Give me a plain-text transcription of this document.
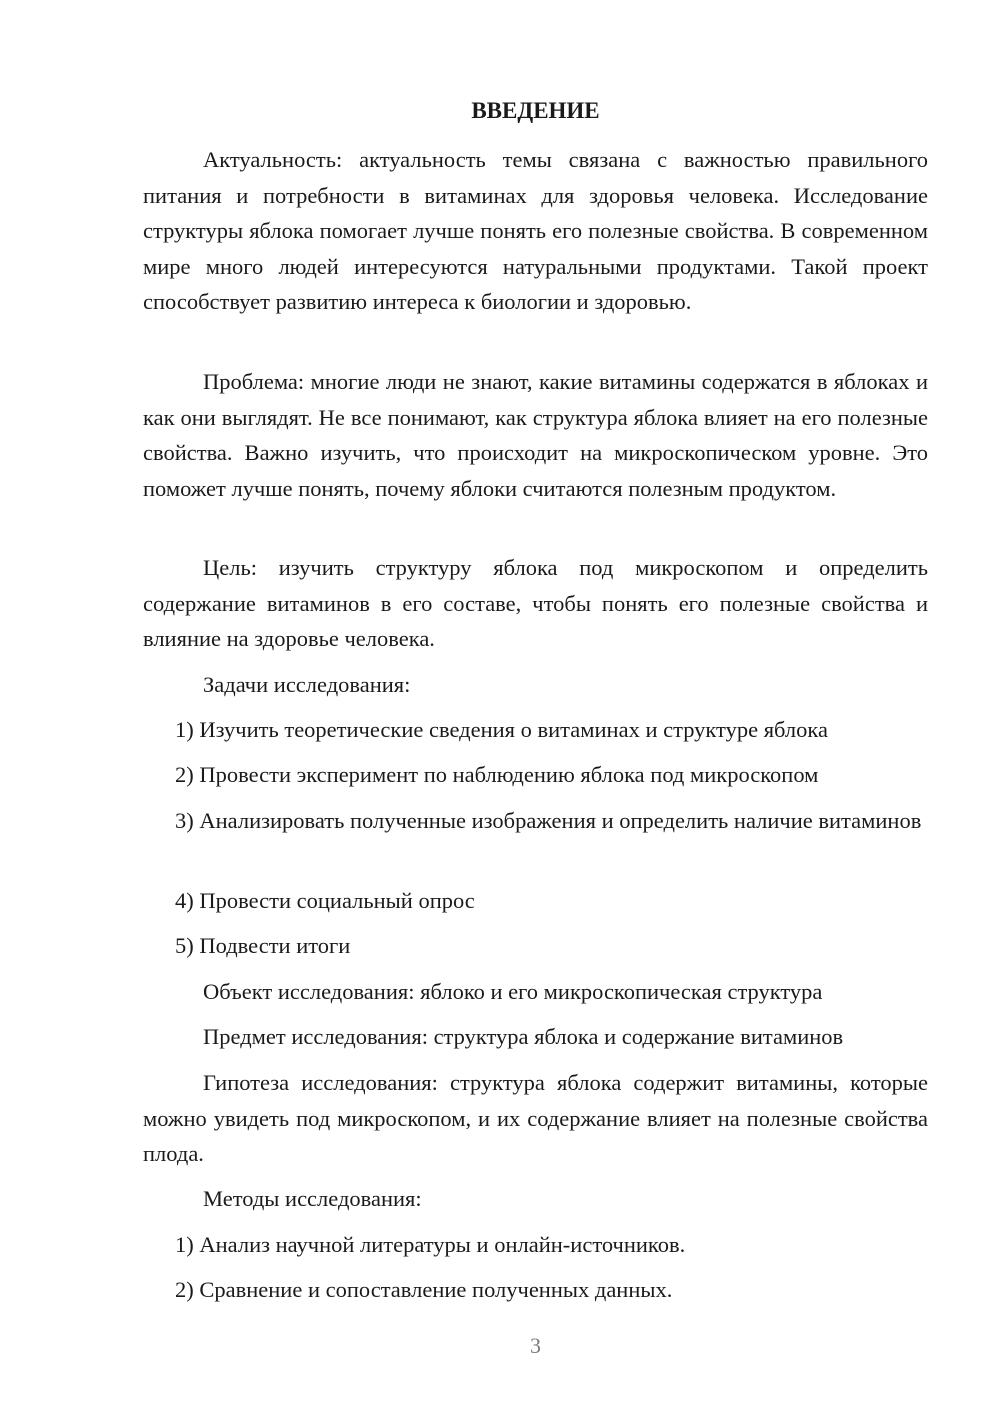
ВВЕДЕНИЕ

Актуальность: актуальность темы связана с важностью правильного питания и потребности в витаминах для здоровья человека. Исследование структуры яблока помогает лучше понять его полезные свойства. В современном мире много людей интересуются натуральными продуктами. Такой проект способствует развитию интереса к биологии и здоровью.

Проблема: многие люди не знают, какие витамины содержатся в яблоках и как они выглядят. Не все понимают, как структура яблока влияет на его полезные свойства. Важно изучить, что происходит на микроскопическом уровне. Это поможет лучше понять, почему яблоки считаются полезным продуктом.

Цель: изучить структуру яблока под микроскопом и определить содержание витаминов в его составе, чтобы понять его полезные свойства и влияние на здоровье человека.

Задачи исследования:

1) Изучить теоретические сведения о витаминах и структуре яблока

2) Провести эксперимент по наблюдению яблока под микроскопом

3) Анализировать полученные изображения и определить наличие витаминов

4) Провести социальный опрос

5) Подвести итоги

Объект исследования: яблоко и его микроскопическая структура

Предмет исследования: структура яблока и содержание витаминов

Гипотеза исследования: структура яблока содержит витамины, которые можно увидеть под микроскопом, и их содержание влияет на полезные свойства плода.

Методы исследования:

1) Анализ научной литературы и онлайн-источников.

2) Сравнение и сопоставление полученных данных.

3
